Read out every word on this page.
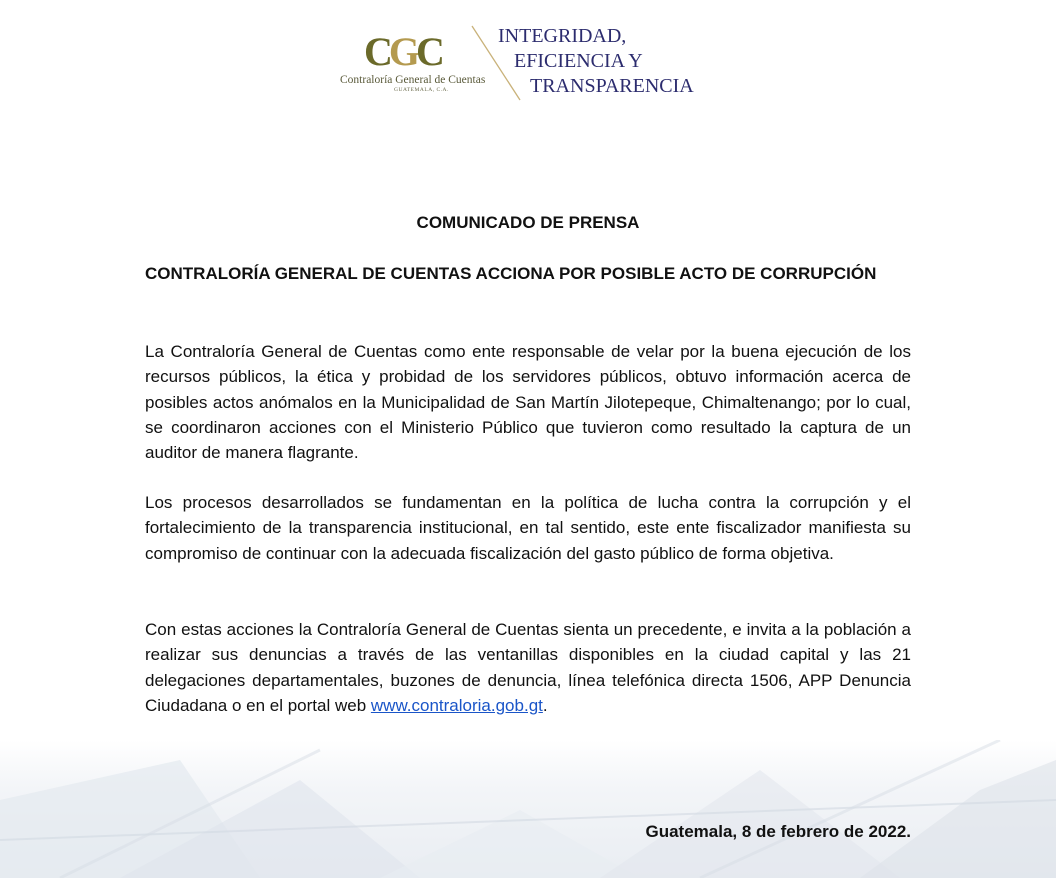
CGC
Contraloría General de Cuentas
GUATEMALA, C.A.
INTEGRIDAD,
EFICIENCIA Y
TRANSPARENCIA
COMUNICADO DE PRENSA
CONTRALORÍA GENERAL DE CUENTAS ACCIONA POR POSIBLE ACTO DE CORRUPCIÓN

La Contraloría General de Cuentas como ente responsable de velar por la buena ejecución de los recursos públicos, la ética y probidad de los servidores públicos, obtuvo información acerca de posibles actos anómalos en la Municipalidad de San Martín Jilotepeque, Chimaltenango; por lo cual, se coordinaron acciones con el Ministerio Público que tuvieron como resultado la captura de un auditor de manera flagrante.

Los procesos desarrollados se fundamentan en la política de lucha contra la corrupción y el fortalecimiento de la transparencia institucional, en tal sentido, este ente fiscalizador manifiesta su compromiso de continuar con la adecuada fiscalización del gasto público de forma objetiva.

Con estas acciones la Contraloría General de Cuentas sienta un precedente, e invita a la población a realizar sus denuncias a través de las ventanillas disponibles en la ciudad capital y las 21 delegaciones departamentales, buzones de denuncia, línea telefónica directa 1506, APP Denuncia Ciudadana o en el portal web www.contraloria.gob.gt.

Guatemala, 8 de febrero de 2022.
